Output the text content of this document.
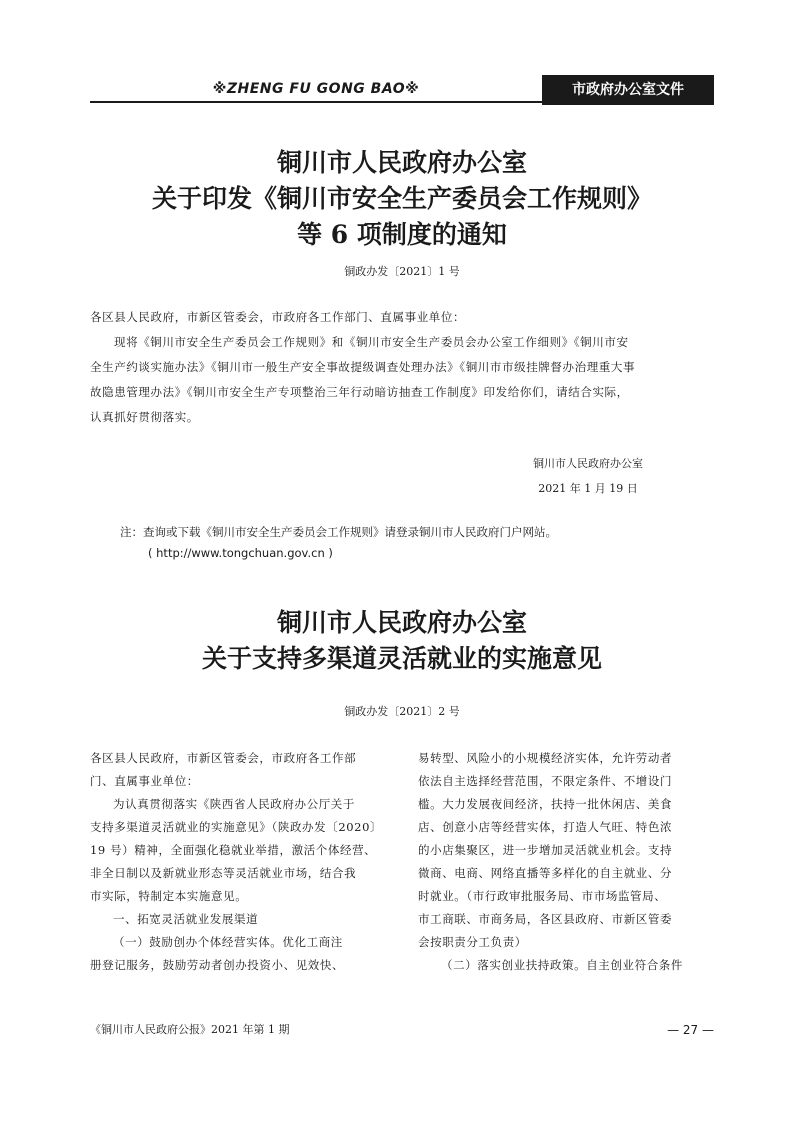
※ZHENG FU GONG BAO※	市政府办公室文件
铜川市人民政府办公室
关于印发《铜川市安全生产委员会工作规则》
等 6 项制度的通知
铜政办发〔2021〕1 号
各区县人民政府，市新区管委会，市政府各工作部门、直属事业单位：
现将《铜川市安全生产委员会工作规则》和《铜川市安全生产委员会办公室工作细则》《铜川市安
全生产约谈实施办法》《铜川市一般生产安全事故提级调查处理办法》《铜川市市级挂牌督办治理重大事
故隐患管理办法》《铜川市安全生产专项整治三年行动暗访抽查工作制度》印发给你们，请结合实际，
认真抓好贯彻落实。
铜川市人民政府办公室
2021 年 1 月 19 日
注：查询或下载《铜川市安全生产委员会工作规则》请登录铜川市人民政府门户网站。
( http://www.tongchuan.gov.cn )
铜川市人民政府办公室
关于支持多渠道灵活就业的实施意见
铜政办发〔2021〕2 号

各区县人民政府，市新区管委会，市政府各工作部

门、直属事业单位：

为认真贯彻落实《陕西省人民政府办公厅关于

支持多渠道灵活就业的实施意见》（陕政办发〔2020〕

19 号）精神，全面强化稳就业举措，激活个体经营、

非全日制以及新就业形态等灵活就业市场，结合我

市实际，特制定本实施意见。

一、拓宽灵活就业发展渠道

（一）鼓励创办个体经营实体。优化工商注

册登记服务，鼓励劳动者创办投资小、见效快、

易转型、风险小的小规模经济实体，允许劳动者

依法自主选择经营范围，不限定条件、不增设门

槛。大力发展夜间经济，扶持一批休闲店、美食

店、创意小店等经营实体，打造人气旺、特色浓

的小店集聚区，进一步增加灵活就业机会。支持

微商、电商、网络直播等多样化的自主就业、分

时就业。（市行政审批服务局、市市场监管局、

市工商联、市商务局，各区县政府、市新区管委

会按职责分工负责）

（二）落实创业扶持政策。自主创业符合条件

《铜川市人民政府公报》2021 年第 1 期	— 27 —
